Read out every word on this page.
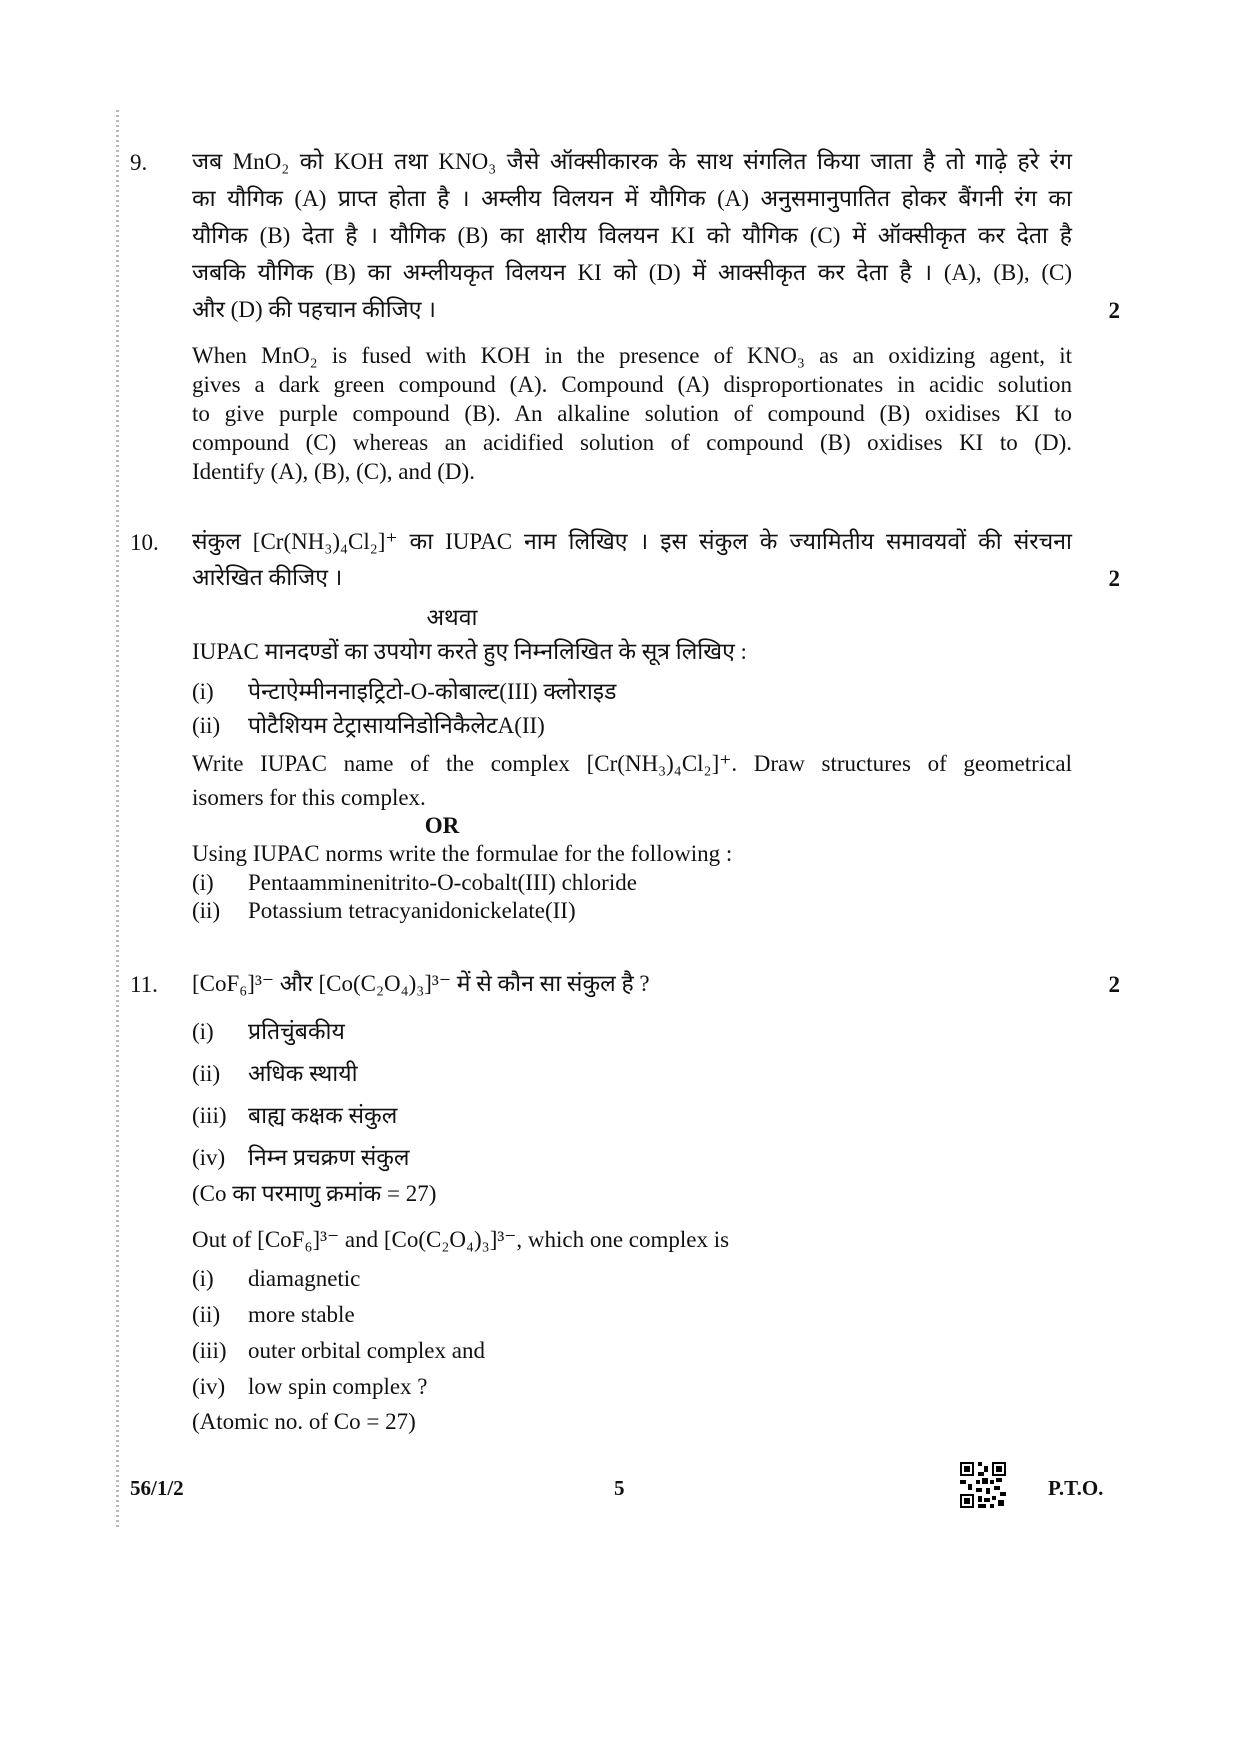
9. जब MnO₂ को KOH तथा KNO₃ जैसे ऑक्सीकारक के साथ संगलित किया जाता है तो गाढ़े हरे रंग
का यौगिक (A) प्राप्त होता है । अम्लीय विलयन में यौगिक (A) अनुसमानुपातित होकर बैंगनी रंग का
यौगिक (B) देता है । यौगिक (B) का क्षारीय विलयन KI को यौगिक (C) में ऑक्सीकृत कर देता है
जबकि यौगिक (B) का अम्लीयकृत विलयन KI को (D) में आक्सीकृत कर देता है । (A), (B), (C)
और (D) की पहचान कीजिए ।	2
When MnO₂ is fused with KOH in the presence of KNO₃ as an oxidizing agent, it
gives a dark green compound (A). Compound (A) disproportionates in acidic solution
to give purple compound (B). An alkaline solution of compound (B) oxidises KI to
compound (C) whereas an acidified solution of compound (B) oxidises KI to (D).
Identify (A), (B), (C), and (D).
10. संकुल [Cr(NH₃)₄Cl₂]⁺ का IUPAC नाम लिखिए । इस संकुल के ज्यामितीय समावयवों की संरचना
आरेखित कीजिए ।	2
अथवा
IUPAC मानदण्डों का उपयोग करते हुए निम्नलिखित के सूत्र लिखिए :
(i) पेन्टाऐम्मीननाइट्रिटो-O-कोबाल्ट(III) क्लोराइड
(ii) पोटैशियम टेट्रासायनिडोनिकैलेटA(II)
Write IUPAC name of the complex [Cr(NH₃)₄Cl₂]⁺. Draw structures of geometrical
isomers for this complex.
OR
Using IUPAC norms write the formulae for the following :
(i) Pentaamminenitrito-O-cobalt(III) chloride
(ii) Potassium tetracyanidonickelate(II)
11. [CoF₆]³⁻ और [Co(C₂O₄)₃]³⁻ में से कौन सा संकुल है ?	2
(i) प्रतिचुंबकीय
(ii) अधिक स्थायी
(iii) बाह्य कक्षक संकुल
(iv) निम्न प्रचक्रण संकुल
(Co का परमाणु क्रमांक = 27)
Out of [CoF₆]³⁻ and [Co(C₂O₄)₃]³⁻, which one complex is
(i) diamagnetic
(ii) more stable
(iii) outer orbital complex and
(iv) low spin complex ?
(Atomic no. of Co = 27)
56/1/2	5	P.T.O.
